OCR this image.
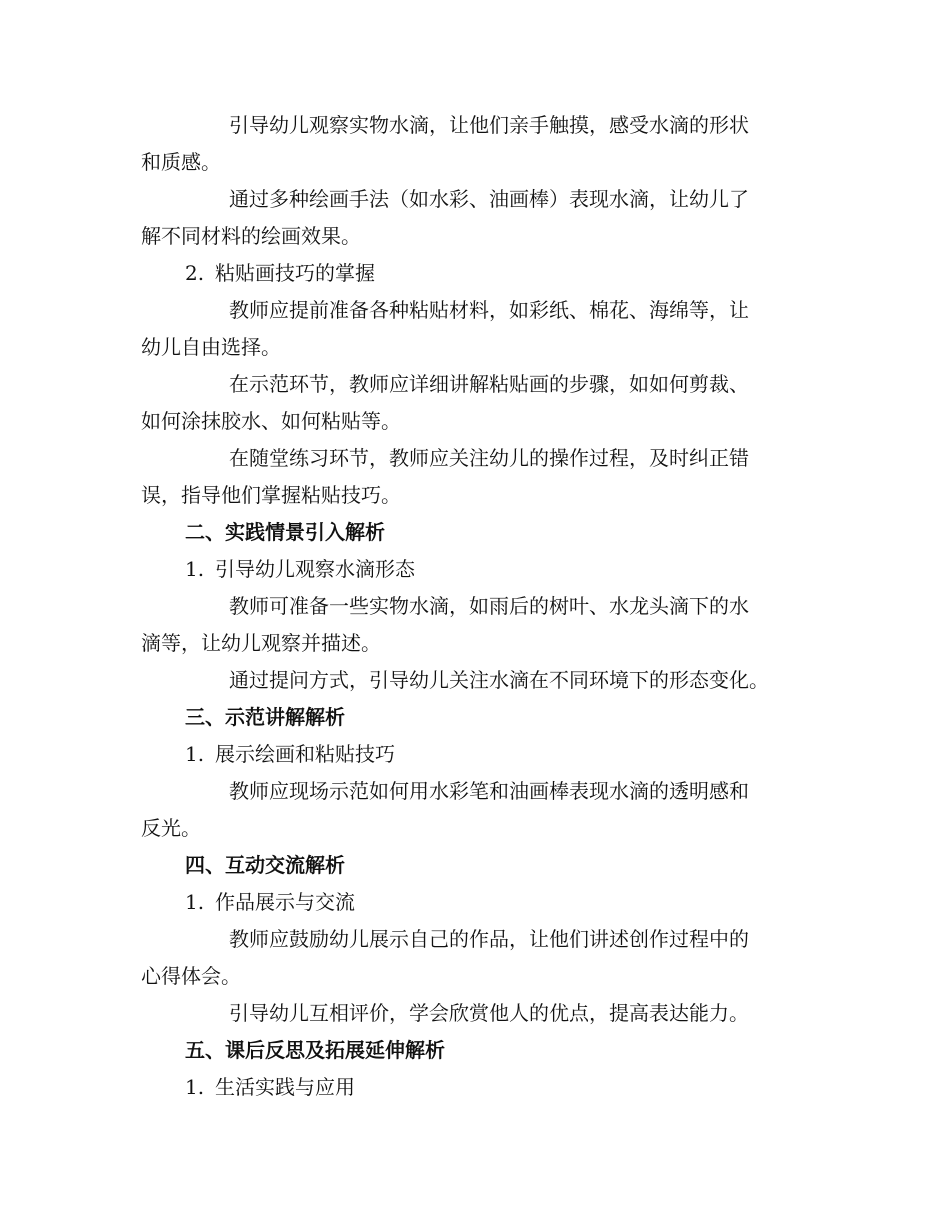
引导幼儿观察实物水滴，让他们亲手触摸，感受水滴的形状
和质感。
通过多种绘画手法（如水彩、油画棒）表现水滴，让幼儿了
解不同材料的绘画效果。
2. 粘贴画技巧的掌握
教师应提前准备各种粘贴材料，如彩纸、棉花、海绵等，让
幼儿自由选择。
在示范环节，教师应详细讲解粘贴画的步骤，如如何剪裁、
如何涂抹胶水、如何粘贴等。
在随堂练习环节，教师应关注幼儿的操作过程，及时纠正错
误，指导他们掌握粘贴技巧。
二、实践情景引入解析
1. 引导幼儿观察水滴形态
教师可准备一些实物水滴，如雨后的树叶、水龙头滴下的水
滴等，让幼儿观察并描述。
通过提问方式，引导幼儿关注水滴在不同环境下的形态变化。
三、示范讲解解析
1. 展示绘画和粘贴技巧
教师应现场示范如何用水彩笔和油画棒表现水滴的透明感和
反光。
四、互动交流解析
1. 作品展示与交流
教师应鼓励幼儿展示自己的作品，让他们讲述创作过程中的
心得体会。
引导幼儿互相评价，学会欣赏他人的优点，提高表达能力。
五、课后反思及拓展延伸解析
1. 生活实践与应用
